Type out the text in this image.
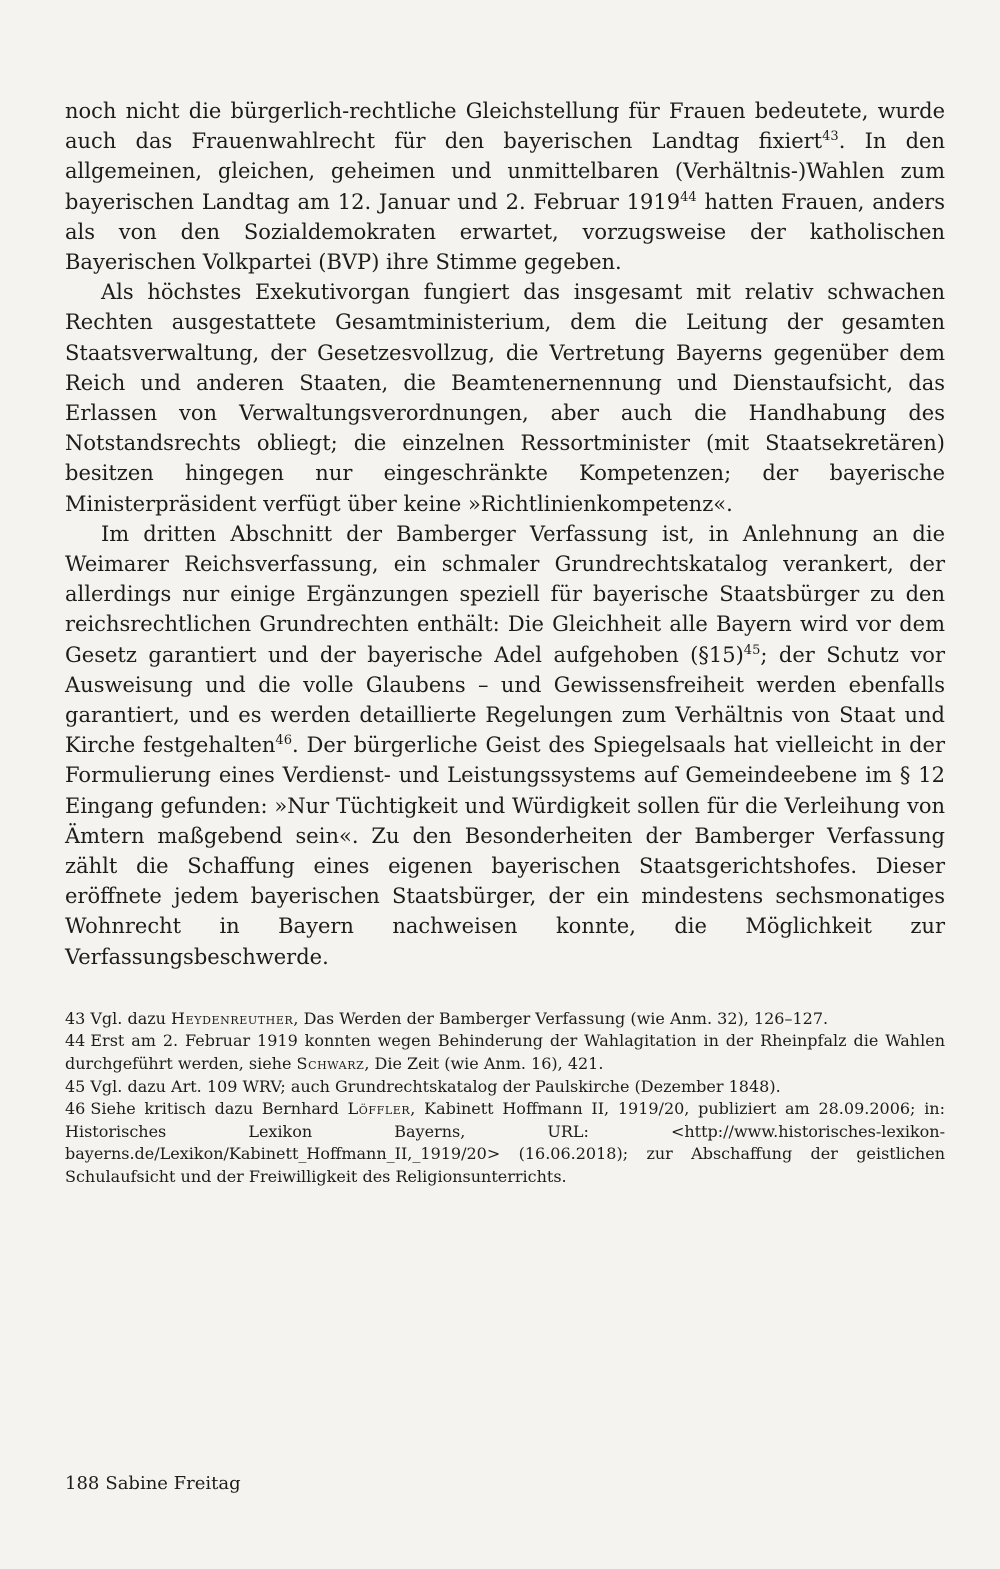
noch nicht die bürgerlich-rechtliche Gleichstellung für Frauen bedeutete, wurde auch das Frauenwahlrecht für den bayerischen Landtag fixiert$^{43}$. In den allgemeinen, gleichen, geheimen und unmittelbaren (Verhältnis-)Wahlen zum bayerischen Landtag am 12. Januar und 2. Februar 1919$^{44}$ hatten Frauen, anders als von den Sozialdemokraten erwartet, vorzugsweise der katholischen Bayerischen Volkpartei (BVP) ihre Stimme gegeben.

Als höchstes Exekutivorgan fungiert das insgesamt mit relativ schwachen Rechten ausgestattete Gesamtministerium, dem die Leitung der gesamten Staatsverwaltung, der Gesetzesvollzug, die Vertretung Bayerns gegenüber dem Reich und anderen Staaten, die Beamtenernennung und Dienstaufsicht, das Erlassen von Verwaltungsverordnungen, aber auch die Handhabung des Notstandsrechts obliegt; die einzelnen Ressortminister (mit Staatsekretären) besitzen hingegen nur eingeschränkte Kompetenzen; der bayerische Ministerpräsident verfügt über keine »Richtlinienkompetenz«.

Im dritten Abschnitt der Bamberger Verfassung ist, in Anlehnung an die Weimarer Reichsverfassung, ein schmaler Grundrechtskatalog verankert, der allerdings nur einige Ergänzungen speziell für bayerische Staatsbürger zu den reichsrechtlichen Grundrechten enthält: Die Gleichheit alle Bayern wird vor dem Gesetz garantiert und der bayerische Adel aufgehoben (§15)$^{45}$; der Schutz vor Ausweisung und die volle Glaubens – und Gewissensfreiheit werden ebenfalls garantiert, und es werden detaillierte Regelungen zum Verhältnis von Staat und Kirche festgehalten$^{46}$. Der bürgerliche Geist des Spiegelsaals hat vielleicht in der Formulierung eines Verdienst- und Leistungssystems auf Gemeindeebene im § 12 Eingang gefunden: »Nur Tüchtigkeit und Würdigkeit sollen für die Verleihung von Ämtern maßgebend sein«. Zu den Besonderheiten der Bamberger Verfassung zählt die Schaffung eines eigenen bayerischen Staatsgerichtshofes. Dieser eröffnete jedem bayerischen Staatsbürger, der ein mindestens sechsmonatiges Wohnrecht in Bayern nachweisen konnte, die Möglichkeit zur Verfassungsbeschwerde.

43 Vgl. dazu Heydenreuther, Das Werden der Bamberger Verfassung (wie Anm. 32), 126–127.

44 Erst am 2. Februar 1919 konnten wegen Behinderung der Wahlagitation in der Rheinpfalz die Wahlen durchgeführt werden, siehe Schwarz, Die Zeit (wie Anm. 16), 421.

45 Vgl. dazu Art. 109 WRV; auch Grundrechtskatalog der Paulskirche (Dezember 1848).

46 Siehe kritisch dazu Bernhard Löffler, Kabinett Hoffmann II, 1919/20, publiziert am 28.09.2006; in: Historisches Lexikon Bayerns, URL: <http://www.historisches-lexikon-bayerns.de/Lexikon/Kabinett_Hoffmann_II,_1919/20> (16.06.2018); zur Abschaffung der geistlichen Schulaufsicht und der Freiwilligkeit des Religionsunterrichts.

188 Sabine Freitag
